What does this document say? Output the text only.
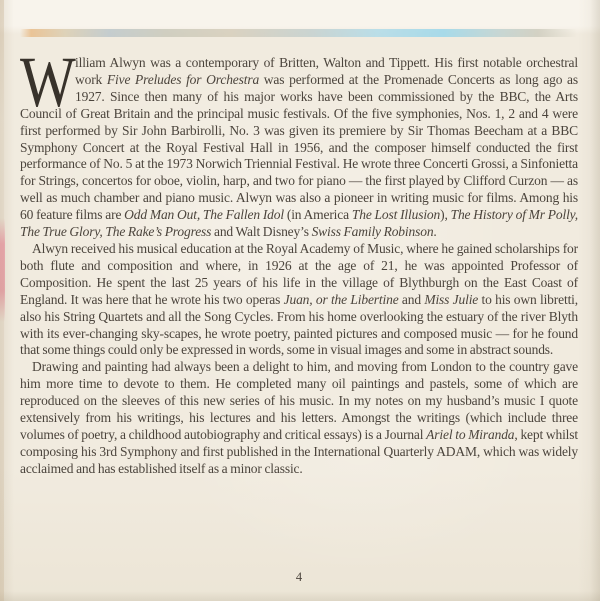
William Alwyn was a contemporary of Britten, Walton and Tippett. His first notable orchestral work Five Preludes for Orchestra was performed at the Promenade Concerts as long ago as 1927. Since then many of his major works have been commissioned by the BBC, the Arts Council of Great Britain and the principal music festivals. Of the five symphonies, Nos. 1, 2 and 4 were first performed by Sir John Barbirolli, No. 3 was given its premiere by Sir Thomas Beecham at a BBC Symphony Concert at the Royal Festival Hall in 1956, and the composer himself conducted the first performance of No. 5 at the 1973 Norwich Triennial Festival. He wrote three Concerti Grossi, a Sinfonietta for Strings, concertos for oboe, violin, harp, and two for piano — the first played by Clifford Curzon — as well as much chamber and piano music. Alwyn was also a pioneer in writing music for films. Among his 60 feature films are Odd Man Out, The Fallen Idol (in America The Lost Illusion), The History of Mr Polly, The True Glory, The Rake’s Progress and Walt Disney’s Swiss Family Robinson.

Alwyn received his musical education at the Royal Academy of Music, where he gained scholarships for both flute and composition and where, in 1926 at the age of 21, he was appointed Professor of Composition. He spent the last 25 years of his life in the village of Blythburgh on the East Coast of England. It was here that he wrote his two operas Juan, or the Libertine and Miss Julie to his own libretti, also his String Quartets and all the Song Cycles. From his home overlooking the estuary of the river Blyth with its ever-changing sky-scapes, he wrote poetry, painted pictures and composed music — for he found that some things could only be expressed in words, some in visual images and some in abstract sounds.

Drawing and painting had always been a delight to him, and moving from London to the country gave him more time to devote to them. He completed many oil paintings and pastels, some of which are reproduced on the sleeves of this new series of his music. In my notes on my husband’s music I quote extensively from his writings, his lectures and his letters. Amongst the writings (which include three volumes of poetry, a childhood autobiography and critical essays) is a Journal Ariel to Miranda, kept whilst composing his 3rd Symphony and first published in the International Quarterly ADAM, which was widely acclaimed and has established itself as a minor classic.

4
